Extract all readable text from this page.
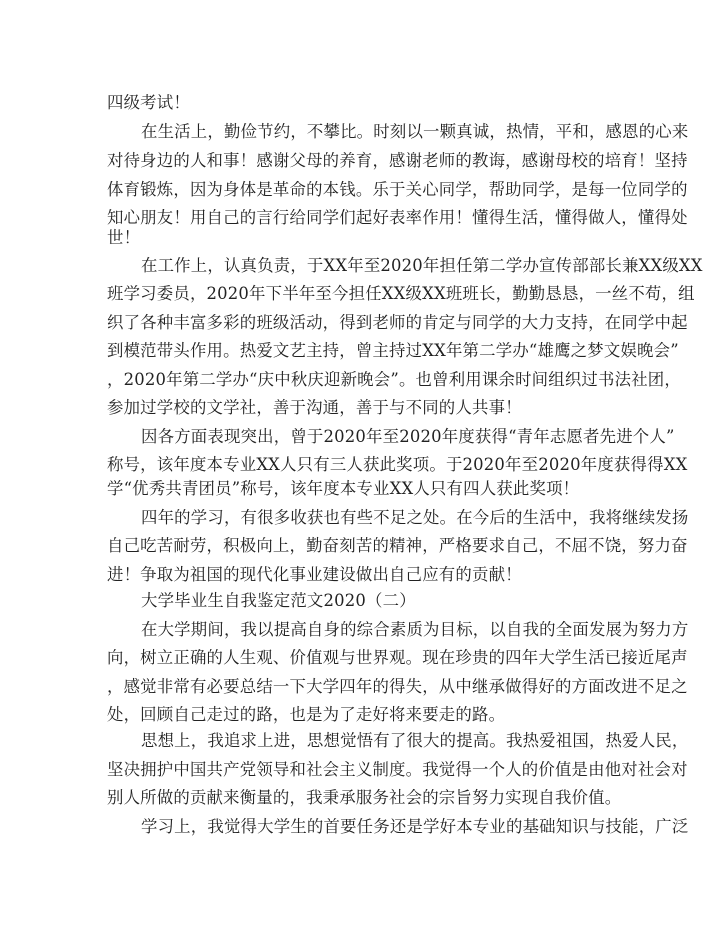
四级考试！
在生活上，勤俭节约，不攀比。时刻以一颗真诚，热情，平和，感恩的心来
对待身边的人和事！感谢父母的养育，感谢老师的教诲，感谢母校的培育！坚持
体育锻炼，因为身体是革命的本钱。乐于关心同学，帮助同学，是每一位同学的
知心朋友！用自己的言行给同学们起好表率作用！懂得生活，懂得做人，懂得处
世！
在工作上，认真负责，于XX年至2020年担任第二学办宣传部部长兼XX级XX
班学习委员，2020年下半年至今担任XX级XX班班长，勤勤恳恳，一丝不苟，组
织了各种丰富多彩的班级活动，得到老师的肯定与同学的大力支持，在同学中起
到模范带头作用。热爱文艺主持，曾主持过XX年第二学办“雄鹰之梦文娱晚会”
，2020年第二学办“庆中秋庆迎新晚会”。也曾利用课余时间组织过书法社团，
参加过学校的文学社，善于沟通，善于与不同的人共事！
因各方面表现突出，曾于2020年至2020年度获得“青年志愿者先进个人”
称号，该年度本专业XX人只有三人获此奖项。于2020年至2020年度获得得XX
学“优秀共青团员”称号，该年度本专业XX人只有四人获此奖项！
四年的学习，有很多收获也有些不足之处。在今后的生活中，我将继续发扬
自己吃苦耐劳，积极向上，勤奋刻苦的精神，严格要求自己，不屈不饶，努力奋
进！争取为祖国的现代化事业建设做出自己应有的贡献！
大学毕业生自我鉴定范文2020（二）
在大学期间，我以提高自身的综合素质为目标，以自我的全面发展为努力方
向，树立正确的人生观、价值观与世界观。现在珍贵的四年大学生活已接近尾声
，感觉非常有必要总结一下大学四年的得失，从中继承做得好的方面改进不足之
处，回顾自己走过的路，也是为了走好将来要走的路。
思想上，我追求上进，思想觉悟有了很大的提高。我热爱祖国，热爱人民，
坚决拥护中国共产党领导和社会主义制度。我觉得一个人的价值是由他对社会对
别人所做的贡献来衡量的，我秉承服务社会的宗旨努力实现自我价值。
学习上，我觉得大学生的首要任务还是学好本专业的基础知识与技能，广泛
